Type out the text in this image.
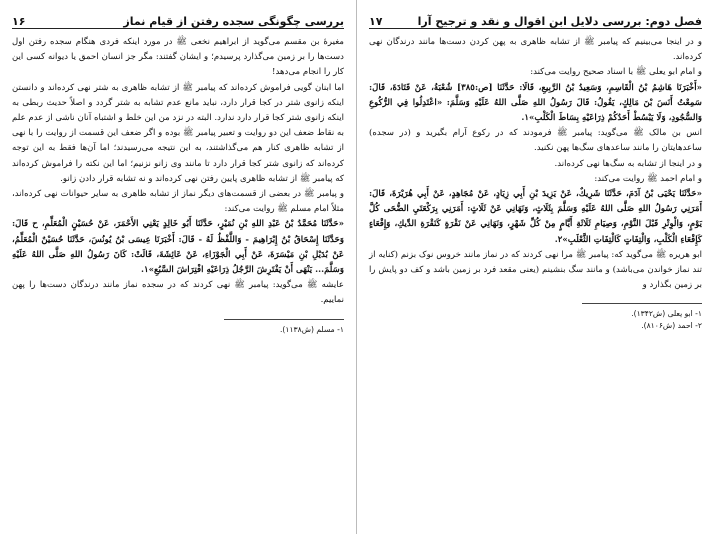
بررسی چگونگی سجده رفتن از قیام نماز
۱۶

مغیرۀ بن مقسم می‌گوید از ابراهیم نخعی ﷺ در مورد اینکه فردی هنگام سجده رفتن اول دست‌ها را بر زمین می‌گذارد پرسیدم؛ و ایشان گفتند: مگر جز انسان احمق یا دیوانه کسی این کار را انجام می‌دهد!

اما ابنان گویی فراموش کرده‌اند که پیامبر ﷺ از تشابه ظاهری به شتر نهی کرده‌اند و دانستن اینکه زانوی شتر در کجا قرار دارد، نباید مانع عدم تشابه به شتر گردد و اصلاً حدیث ربطی به اینکه زانوی شتر کجا قرار دارد ندارد. البته در نزد من این خلط و اشتباه آنان ناشی از عدم علم به نقاط ضعف این دو روایت و تعبیر پیامبر ﷺ بوده و اگر ضعف این قسمت از روایت را با نهی از تشابه ظاهری کنار هم می‌گذاشتند، به این نتیجه می‌رسیدند؛ اما آن‌ها فقط به این توجه کرده‌اند که زانوی شتر کجا قرار دارد تا مانند وی زانو نزنیم؛ اما این نکته را فراموش کرده‌اند که پیامبر ﷺ از تشابه ظاهری پایین رفتن نهی کرده‌اند و نه تشابه قرار دادن زانو.

و پیامبر ﷺ در بعضی از قسمت‌های دیگر نماز از تشابه ظاهری به سایر حیوانات نهی کرده‌اند، مثلاً امام مسلم ﷺ روایت می‌کند:

«حَدَّثَنَا مُحَمَّدُ بْنُ عَبْدِ اللهِ بْنِ نُمَيْرٍ، حَدَّثَنَا أَبُو خَالِدٍ يَعْنِي الأَحْمَرَ، عَنْ حُسَيْنٍ الْمُعَلِّمِ، ح قَالَ: وَحَدَّثَنَا إِسْحَاقُ بْنُ إِبْرَاهِيمَ - وَاللَّفْظُ لَهُ - قَالَ: أَخْبَرَنَا عِيسَى بْنُ يُونُسَ، حَدَّثَنَا حُسَيْنٌ الْمُعَلِّمُ، عَنْ بُدَيْلِ بْنِ مَيْسَرَةَ، عَنْ أَبِي الْجَوْزَاءِ، عَنْ عَائِشَةَ، قَالَتْ: كَانَ رَسُولُ اللهِ صَلَّى اللهُ عَلَيْهِ وَسَلَّمَ... يَنْهَى أَنْ يَفْتَرِشَ الرَّجُلُ ذِرَاعَيْهِ افْتِرَاشَ السَّبُعِ»١.

عایشه ﷺ می‌گوید: پیامبر ﷺ نهی کردند که در سجده نماز مانند درندگان دست‌ها را پهن نماییم.

۱- مسلم (ش۱۱۳۸).
فصل دوم: بررسی دلایل ابن اقوال و نقد و ترجیح آرا
۱۷

و در اینجا می‌بینیم که پیامبر ﷺ از تشابه ظاهری به پهن کردن دست‌ها مانند درندگان نهی کرده‌اند.

و امام ابو یعلی ﷺ با اسناد صحیح روایت می‌کند:

«أَخْبَرَنَا هَاشِمُ بْنُ الْقَاسِمِ، وَسَعِيدُ بْنُ الرَّبِيعِ، قَالَا: حَدَّثَنَا [ص:٣٨٥] شُعْبَةُ، عَنْ قَتَادَةَ، قَالَ: سَمِعْتُ أَنَسَ بْنَ مَالِكٍ، يَقُولُ: قَالَ رَسُولُ اللهِ صَلَّى اللهُ عَلَيْهِ وَسَلَّمَ: «اعْتَدِلُوا فِي الرُّكُوعِ وَالسُّجُودِ، وَلَا يَبْسُطْ أَحَدُكُمْ ذِرَاعَيْهِ بِسَاطَ الْكَلْبِ»١.

انس بن مالک ﷺ می‌گوید: پیامبر ﷺ فرمودند که در رکوع آرام بگیرید و (در سجده) ساعدهایتان را مانند ساعدهای سگ‌ها پهن نکنید.

و در اینجا از تشابه به سگ‌ها نهی کرده‌اند.

و امام احمد ﷺ روایت می‌کند:

«حَدَّثَنَا يَحْيَى بْنُ آدَمَ، حَدَّثَنَا شَرِيكٌ، عَنْ يَزِيدَ بْنِ أَبِي زِيَادٍ، عَنْ مُجَاهِدٍ، عَنْ أَبِي هُرَيْرَةَ، قَالَ: أَمَرَنِي رَسُولُ اللهِ صَلَّى اللهُ عَلَيْهِ وَسَلَّمَ بِثَلَاثٍ، وَنَهَانِي عَنْ ثَلَاثٍ: أَمَرَنِي بِرَكْعَتَيِ الضُّحَى كُلَّ يَوْمٍ، وَالْوِتْرِ قَبْلَ النَّوْمِ، وَصِيَامِ ثَلَاثَةِ أَيَّامٍ مِنْ كُلِّ شَهْرٍ، وَنَهَانِي عَنْ نَقْرَةٍ كَنَقْرَةِ الدِّيكِ، وَإِقْعَاءٍ كَإِقْعَاءِ الْكَلْبِ، وَالْتِفَاتٍ كَالْتِفَاتِ الثَّعْلَبِ»٢.

ابو هریره ﷺ می‌گوید که: پیامبر ﷺ مرا نهی کردند که در نماز مانند خروس نوک بزنم (کنایه از تند نماز خواندن می‌باشد) و مانند سگ بنشینم (یعنی مقعد فرد بر زمین باشد و کف دو پایش را بر زمین بگذارد و

۱- ابو یعلی (ش۱۳۴۲).
۲- احمد (ش۸۱۰۶).
